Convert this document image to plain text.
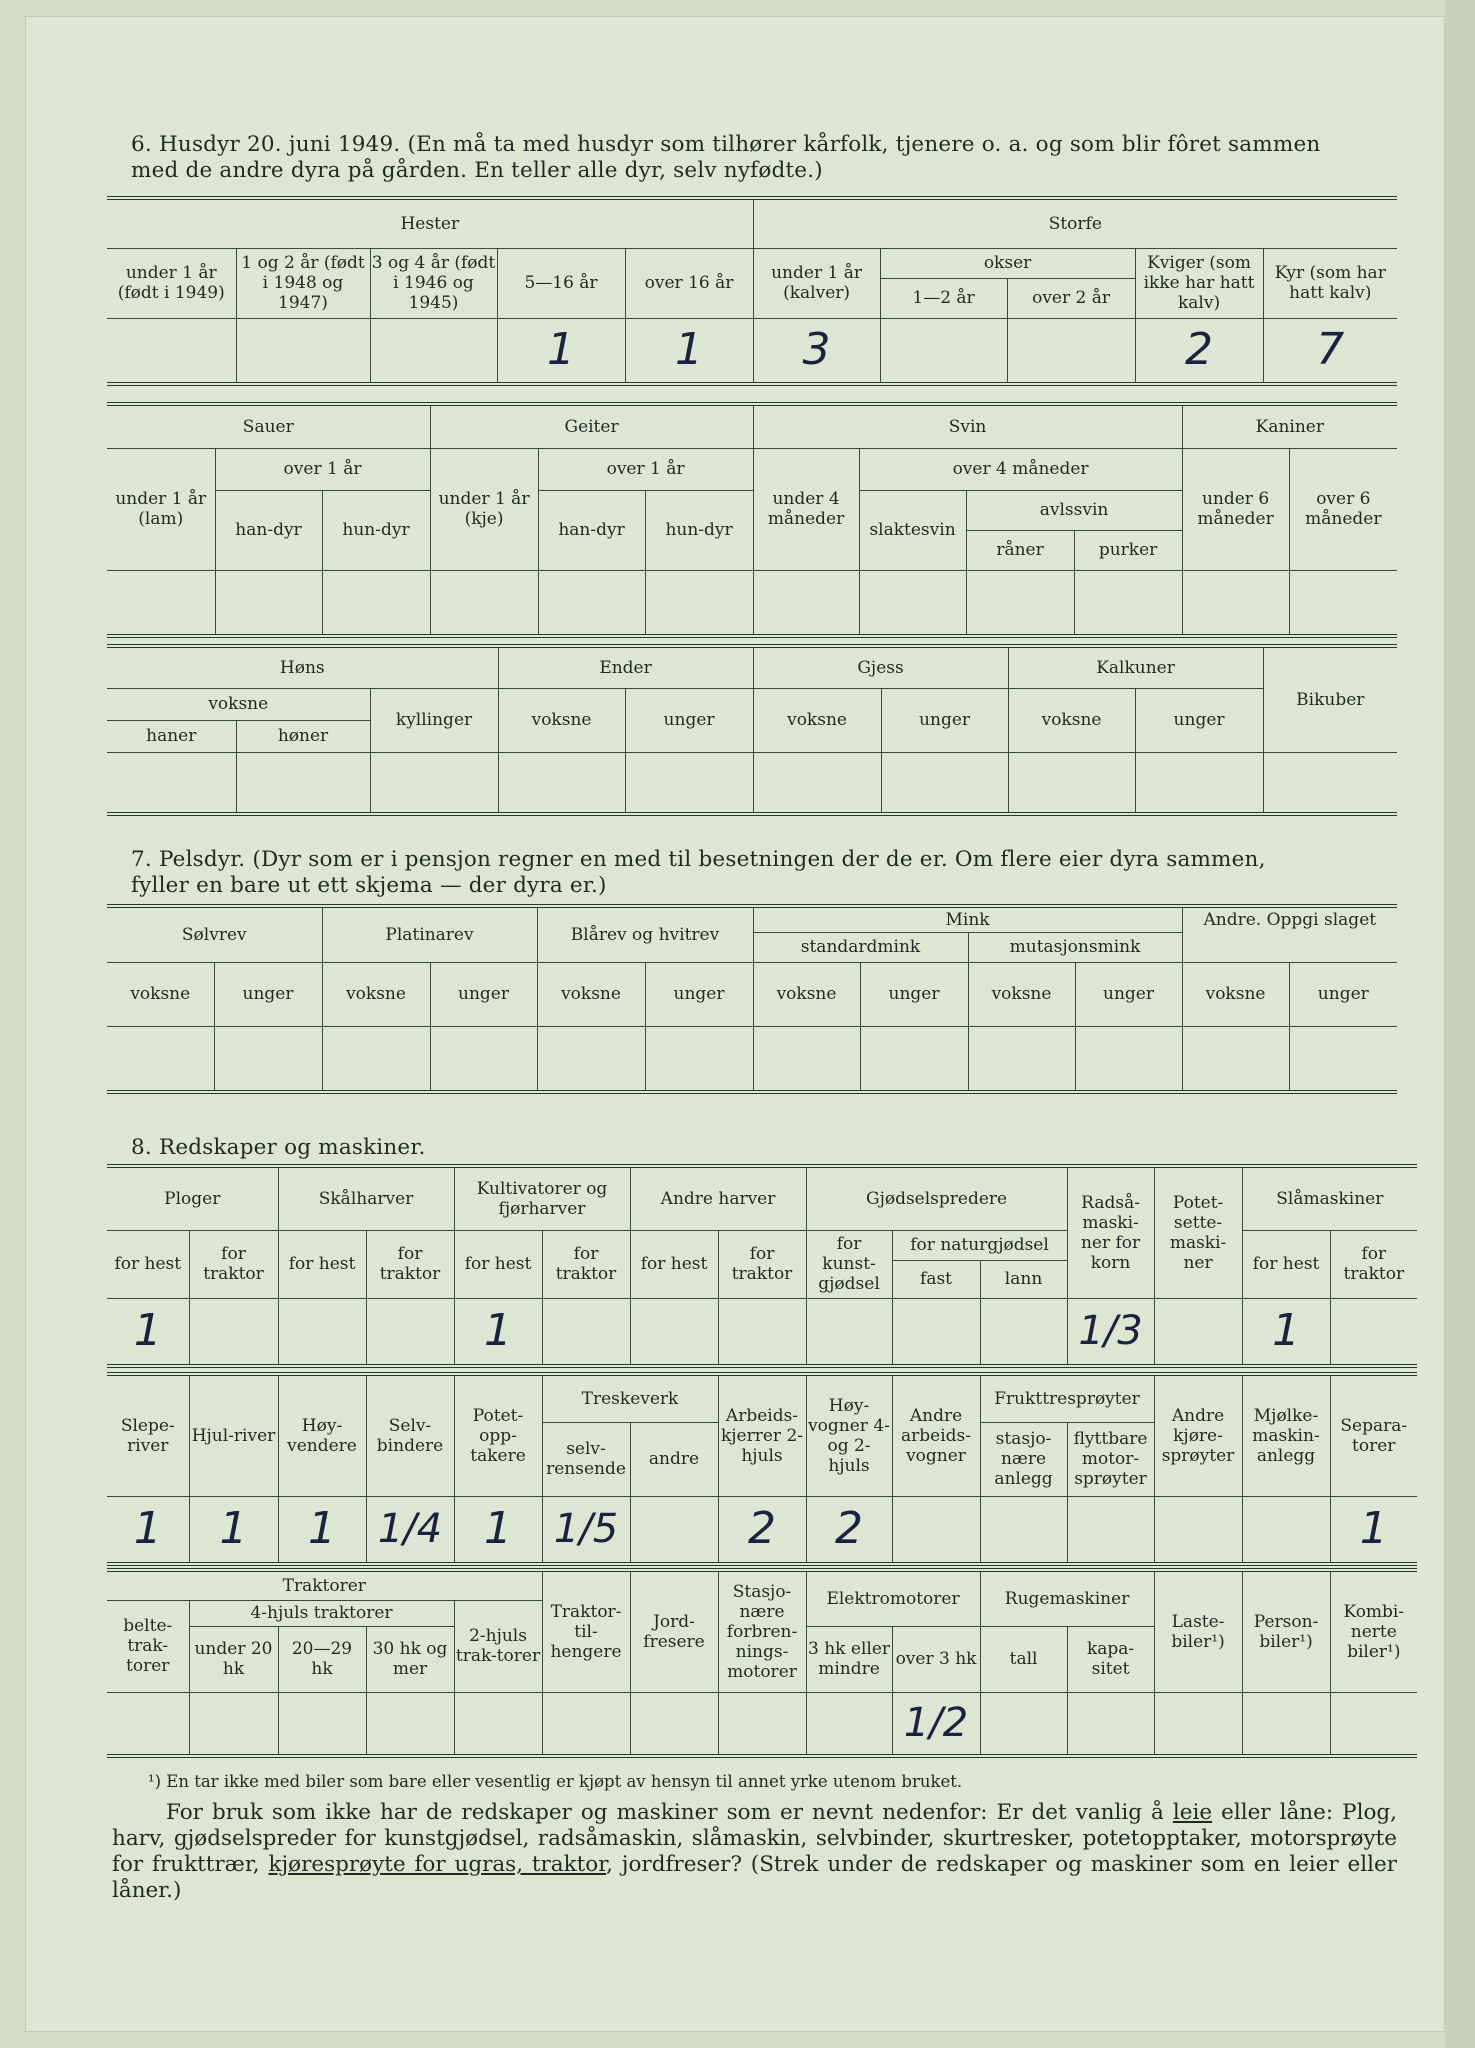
6. Husdyr 20. juni 1949. (En må ta med husdyr som tilhører kårfolk, tjenere o. a. og som blir fôret sammen
med de andre dyra på gården. En teller alle dyr, selv nyfødte.)
Hester					Storfe				
under 1 år (født i 1949)	1 og 2 år (født i 1948 og 1947)	3 og 4 år (født i 1946 og 1945)	5—16 år	over 16 år	under 1 år (kalver)	okser		Kviger (som ikke har hatt kalv)	Kyr (som har hatt kalv)
						1—2 år	over 2 år		
			1	1	3			2	7
Sauer			Geiter			Svin				Kaniner	
under 1 år (lam)	over 1 år		under 1 år (kje)	over 1 år		under 4 måneder	over 4 måneder			under 6 måneder	over 6 måneder
	han-dyr	hun-dyr		han-dyr	hun-dyr		slaktesvin	avlssvin			
								råner	purker		

Høns			Ender		Gjess		Kalkuner		Bikuber
voksne		kyllinger	voksne	unger	voksne	unger	voksne	unger	
haner	høner								

7. Pelsdyr. (Dyr som er i pensjon regner en med til besetningen der de er. Om flere eier dyra sammen,
fyller en bare ut ett skjema — der dyra er.)
Sølvrev		Platinarev		Blårev og hvitrev		Mink				Andre. Oppgi slaget	
						standardmink		mutasjonsmink			
voksne	unger	voksne	unger	voksne	unger	voksne	unger	voksne	unger	voksne	unger

8. Redskaper og maskiner.
Ploger		Skålharver		Kultivatorer og fjørharver		Andre harver		Gjødselspredere			Radså-maski-ner for korn	Potet-sette-maski-ner	Slåmaskiner	
for hest	for traktor	for hest	for traktor	for hest	for traktor	for hest	for traktor	for kunst-gjødsel	for naturgjødsel				for hest	for traktor
									fast	lann				
1				1							1/3		1	
Slepe-river	Hjul-river	Høy-vendere	Selv-bindere	Potet-opp-takere	Treskeverk		Arbeids-kjerrer 2-hjuls	Høy-vogner 4- og 2-hjuls	Andre arbeids-vogner	Frukttresprøyter		Andre kjøre-sprøyter	Mjølke-maskin-anlegg	Separa-torer
					selv-rensende	andre				stasjo-nære anlegg	flyttbare motor-sprøyter			
1	1	1	1/4	1	1/5		2	2						1
Traktorer					Traktor-til-hengere	Jord-fresere	Stasjo-nære forbren-nings-motorer	Elektromotorer		Rugemaskiner		Laste-biler¹)	Person-biler¹)	Kombi-nerte biler¹)
belte-trak-torer	4-hjuls traktorer			2-hjuls trak-torer										
	under 20 hk	20—29 hk	30 hk og mer					3 hk eller mindre	over 3 hk	tall	kapa-sitet			
									1/2					
¹) En tar ikke med biler som bare eller vesentlig er kjøpt av hensyn til annet yrke utenom bruket.
For bruk som ikke har de redskaper og maskiner som er nevnt nedenfor: Er det vanlig å leie eller låne: Plog, harv, gjødselspreder for kunstgjødsel, radsåmaskin, slåmaskin, selvbinder, skurtresker, potetopptaker, motorsprøyte for frukttrær, kjøresprøyte for ugras, traktor, jordfreser? (Strek under de redskaper og maskiner som en leier eller låner.)
